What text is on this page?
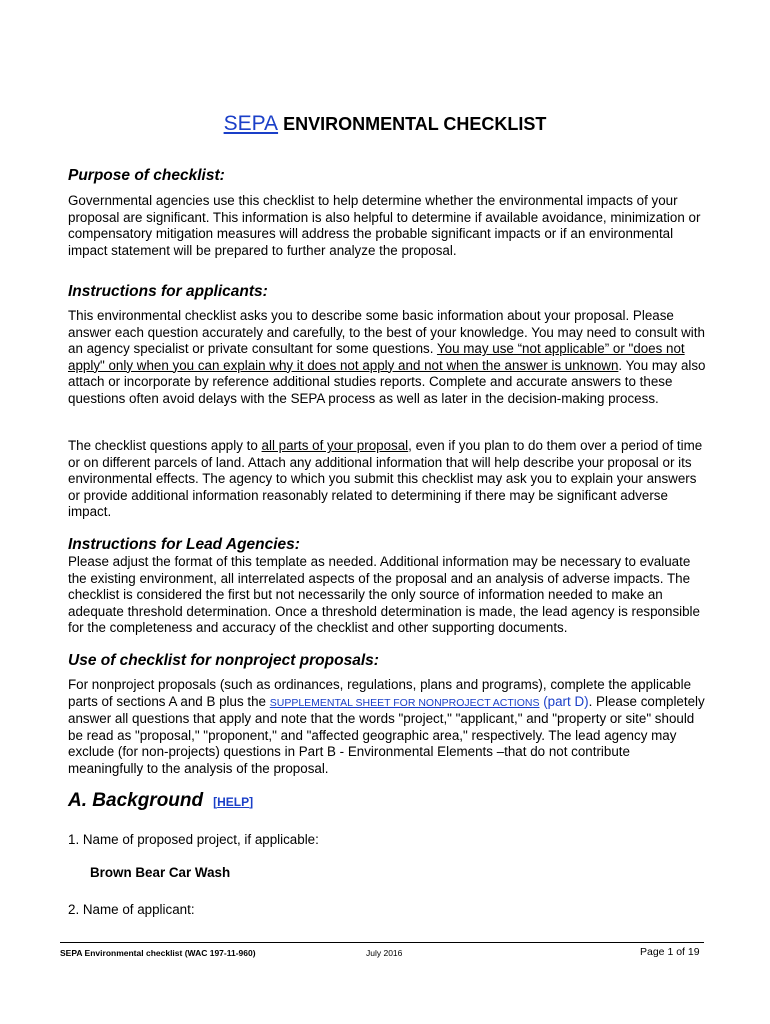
SEPA ENVIRONMENTAL CHECKLIST
Purpose of checklist:
Governmental agencies use this checklist to help determine whether the environmental impacts of your proposal are significant. This information is also helpful to determine if available avoidance, minimization or compensatory mitigation measures will address the probable significant impacts or if an environmental impact statement will be prepared to further analyze the proposal.
Instructions for applicants:
This environmental checklist asks you to describe some basic information about your proposal. Please answer each question accurately and carefully, to the best of your knowledge. You may need to consult with an agency specialist or private consultant for some questions. You may use “not applicable” or "does not apply" only when you can explain why it does not apply and not when the answer is unknown. You may also attach or incorporate by reference additional studies reports. Complete and accurate answers to these questions often avoid delays with the SEPA process as well as later in the decision-making process.
The checklist questions apply to all parts of your proposal, even if you plan to do them over a period of time or on different parcels of land. Attach any additional information that will help describe your proposal or its environmental effects. The agency to which you submit this checklist may ask you to explain your answers or provide additional information reasonably related to determining if there may be significant adverse impact.
Instructions for Lead Agencies:
Please adjust the format of this template as needed. Additional information may be necessary to evaluate the existing environment, all interrelated aspects of the proposal and an analysis of adverse impacts. The checklist is considered the first but not necessarily the only source of information needed to make an adequate threshold determination. Once a threshold determination is made, the lead agency is responsible for the completeness and accuracy of the checklist and other supporting documents.
Use of checklist for nonproject proposals:
For nonproject proposals (such as ordinances, regulations, plans and programs), complete the applicable parts of sections A and B plus the SUPPLEMENTAL SHEET FOR NONPROJECT ACTIONS (part D). Please completely answer all questions that apply and note that the words "project," "applicant," and "property or site" should be read as "proposal," "proponent," and "affected geographic area," respectively. The lead agency may exclude (for non-projects) questions in Part B - Environmental Elements –that do not contribute meaningfully to the analysis of the proposal.
A. Background [HELP]
1. Name of proposed project, if applicable:
Brown Bear Car Wash
2. Name of applicant:
SEPA Environmental checklist (WAC 197-11-960)	July 2016	Page 1 of 19
